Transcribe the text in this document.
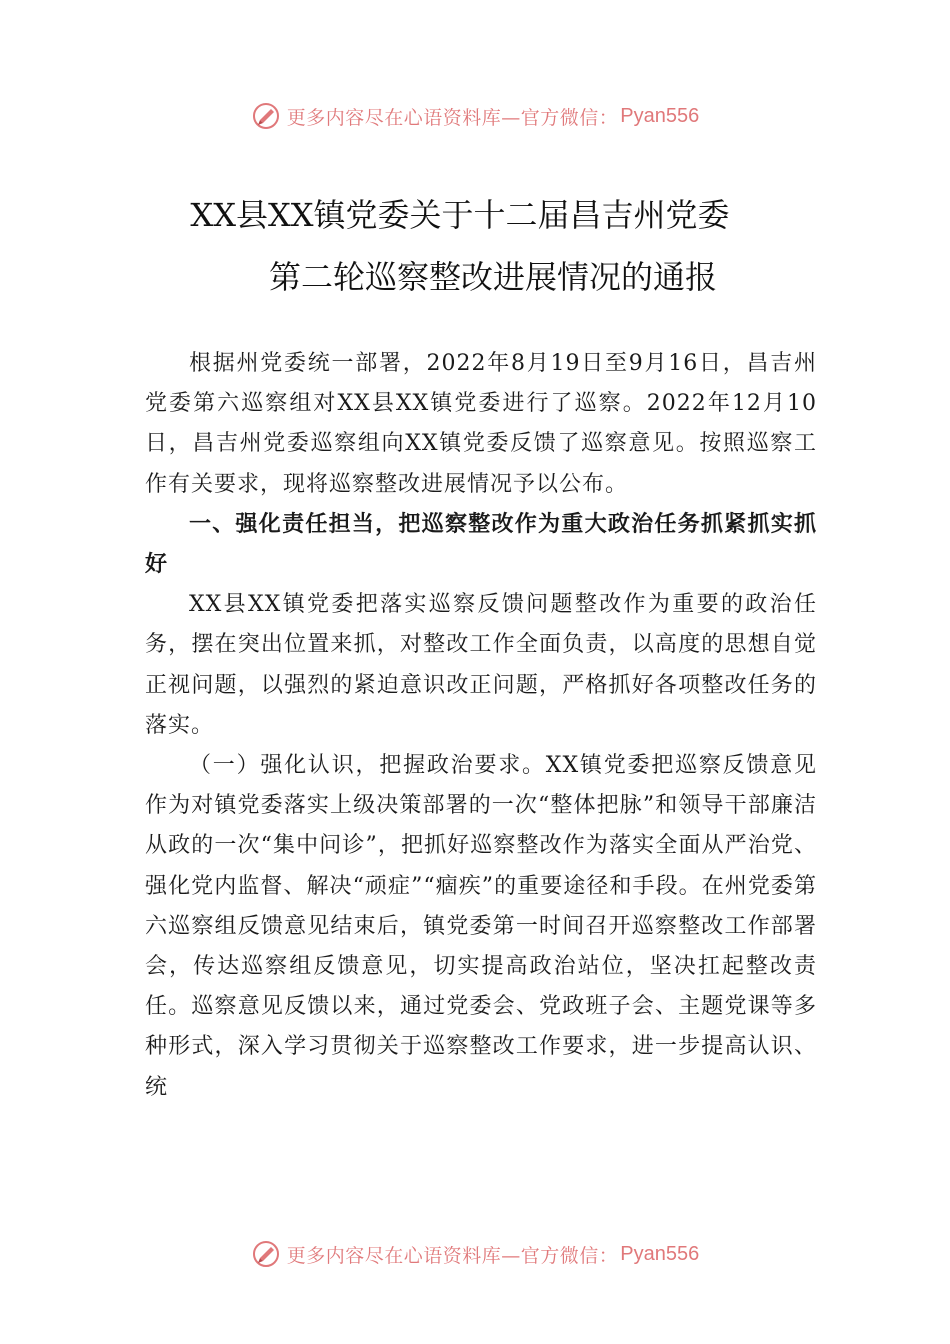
更多内容尽在心语资料库—官方微信： Pyan556
XX县XX镇党委关于十二届昌吉州党委
第二轮巡察整改进展情况的通报

根据州党委统一部署，2022年8月19日至9月16日，昌吉州党委第六巡察组对XX县XX镇党委进行了巡察。2022年12月10日，昌吉州党委巡察组向XX镇党委反馈了巡察意见。按照巡察工作有关要求，现将巡察整改进展情况予以公布。

一、强化责任担当，把巡察整改作为重大政治任务抓紧抓实抓好

XX县XX镇党委把落实巡察反馈问题整改作为重要的政治任务，摆在突出位置来抓，对整改工作全面负责，以高度的思想自觉正视问题，以强烈的紧迫意识改正问题，严格抓好各项整改任务的落实。

（一）强化认识，把握政治要求。XX镇党委把巡察反馈意见作为对镇党委落实上级决策部署的一次“整体把脉”和领导干部廉洁从政的一次“集中问诊”，把抓好巡察整改作为落实全面从严治党、强化党内监督、解决“顽症”“痼疾”的重要途径和手段。在州党委第六巡察组反馈意见结束后，镇党委第一时间召开巡察整改工作部署会，传达巡察组反馈意见，切实提高政治站位，坚决扛起整改责任。巡察意见反馈以来，通过党委会、党政班子会、主题党课等多种形式，深入学习贯彻关于巡察整改工作要求，进一步提高认识、统

更多内容尽在心语资料库—官方微信： Pyan556
